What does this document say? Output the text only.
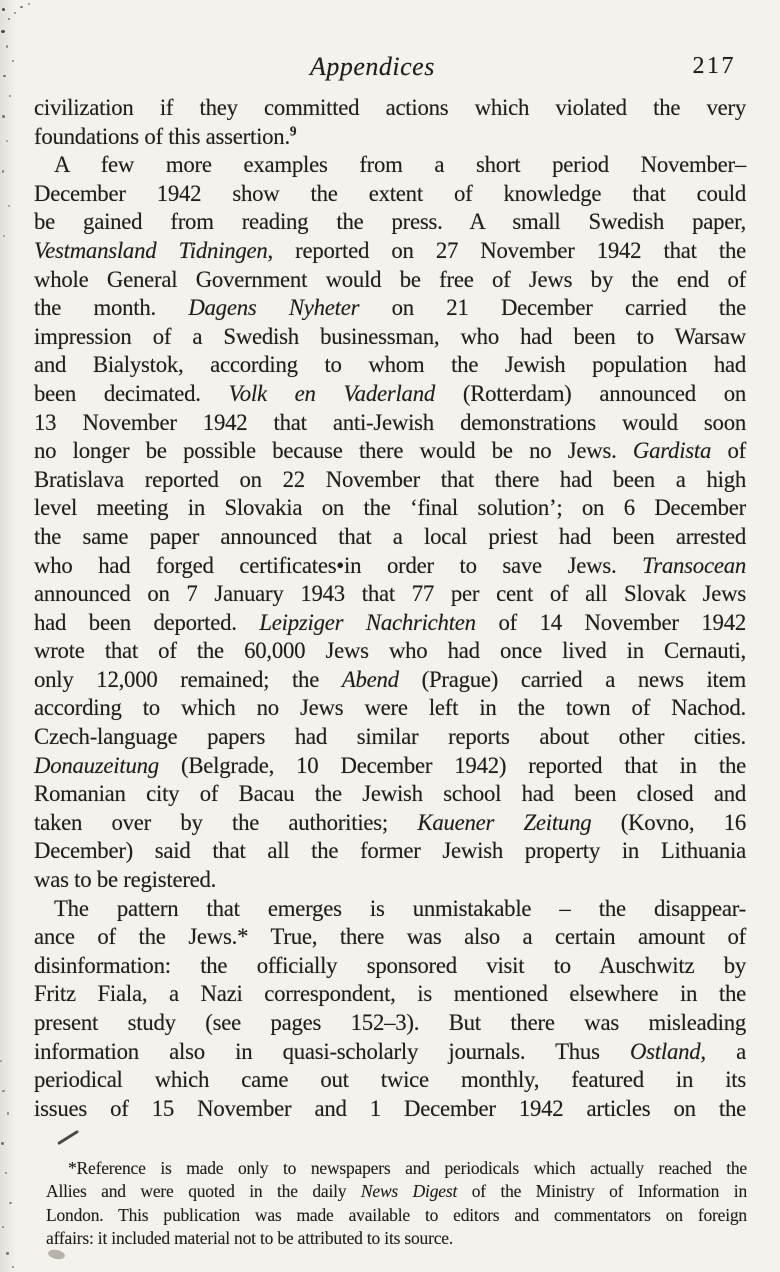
Appendices	217
civilization if they committed actions which violated the very
foundations of this assertion.$^9$
A few more examples from a short period November–
December 1942 show the extent of knowledge that could
be gained from reading the press. A small Swedish paper,
Vestmansland Tidningen, reported on 27 November 1942 that the
whole General Government would be free of Jews by the end of
the month. Dagens Nyheter on 21 December carried the
impression of a Swedish businessman, who had been to Warsaw
and Bialystok, according to whom the Jewish population had
been decimated. Volk en Vaderland (Rotterdam) announced on
13 November 1942 that anti-Jewish demonstrations would soon
no longer be possible because there would be no Jews. Gardista of
Bratislava reported on 22 November that there had been a high
level meeting in Slovakia on the ‘final solution’; on 6 December
the same paper announced that a local priest had been arrested
who had forged certificates•in order to save Jews. Transocean
announced on 7 January 1943 that 77 per cent of all Slovak Jews
had been deported. Leipziger Nachrichten of 14 November 1942
wrote that of the 60,000 Jews who had once lived in Cernauti,
only 12,000 remained; the Abend (Prague) carried a news item
according to which no Jews were left in the town of Nachod.
Czech-language papers had similar reports about other cities.
Donauzeitung (Belgrade, 10 December 1942) reported that in the
Romanian city of Bacau the Jewish school had been closed and
taken over by the authorities; Kauener Zeitung (Kovno, 16
December) said that all the former Jewish property in Lithuania
was to be registered.
The pattern that emerges is unmistakable – the disappear-
ance of the Jews.* True, there was also a certain amount of
disinformation: the officially sponsored visit to Auschwitz by
Fritz Fiala, a Nazi correspondent, is mentioned elsewhere in the
present study (see pages 152–3). But there was misleading
information also in quasi-scholarly journals. Thus Ostland, a
periodical which came out twice monthly, featured in its
issues of 15 November and 1 December 1942 articles on the
*Reference is made only to newspapers and periodicals which actually reached the
Allies and were quoted in the daily News Digest of the Ministry of Information in
London. This publication was made available to editors and commentators on foreign
affairs: it included material not to be attributed to its source.
